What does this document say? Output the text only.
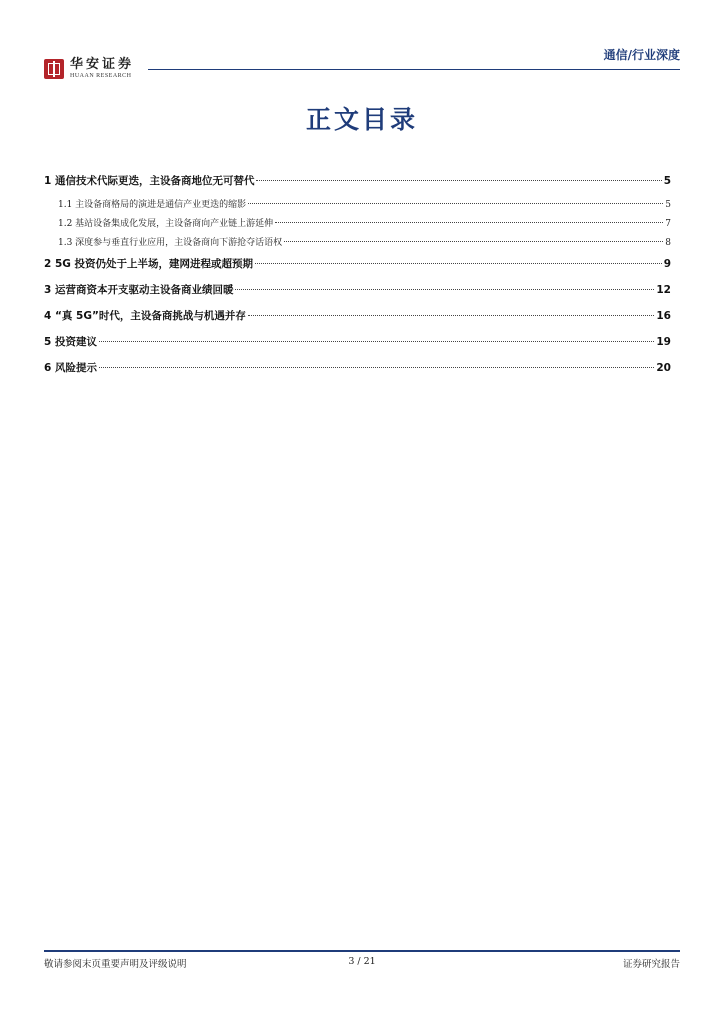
华安证券
HUAAN RESEARCH
通信/行业深度
正文目录
1 通信技术代际更迭，主设备商地位无可替代	5
1.1 主设备商格局的演进是通信产业更迭的缩影	5
1.2 基站设备集成化发展，主设备商向产业链上游延伸	7
1.3 深度参与垂直行业应用，主设备商向下游抢夺话语权	8
2 5G 投资仍处于上半场，建网进程或超预期	9
3 运营商资本开支驱动主设备商业绩回暖	12
4 “真 5G”时代，主设备商挑战与机遇并存	16
5 投资建议	19
6 风险提示	20
敬请参阅末页重要声明及评级说明	3 / 21	证券研究报告
